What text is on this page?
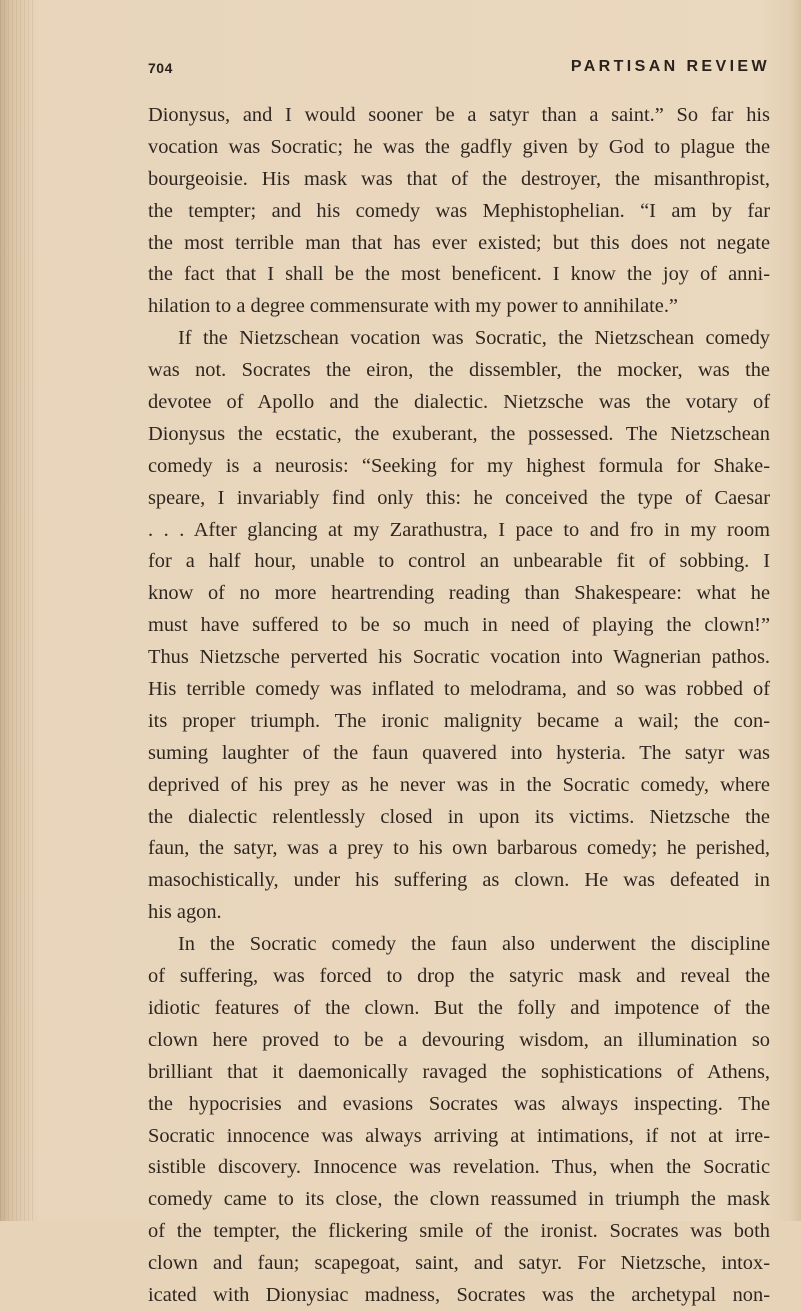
704	PARTISAN REVIEW
Dionysus, and I would sooner be a satyr than a saint.” So far his
vocation was Socratic; he was the gadfly given by God to plague the
bourgeoisie. His mask was that of the destroyer, the misanthropist,
the tempter; and his comedy was Mephistophelian. “I am by far
the most terrible man that has ever existed; but this does not negate
the fact that I shall be the most beneficent. I know the joy of anni-
hilation to a degree commensurate with my power to annihilate.”
If the Nietzschean vocation was Socratic, the Nietzschean comedy
was not. Socrates the eiron, the dissembler, the mocker, was the
devotee of Apollo and the dialectic. Nietzsche was the votary of
Dionysus the ecstatic, the exuberant, the possessed. The Nietzschean
comedy is a neurosis: “Seeking for my highest formula for Shake-
speare, I invariably find only this: he conceived the type of Caesar
. . . After glancing at my Zarathustra, I pace to and fro in my room
for a half hour, unable to control an unbearable fit of sobbing. I
know of no more heartrending reading than Shakespeare: what he
must have suffered to be so much in need of playing the clown!”
Thus Nietzsche perverted his Socratic vocation into Wagnerian pathos.
His terrible comedy was inflated to melodrama, and so was robbed of
its proper triumph. The ironic malignity became a wail; the con-
suming laughter of the faun quavered into hysteria. The satyr was
deprived of his prey as he never was in the Socratic comedy, where
the dialectic relentlessly closed in upon its victims. Nietzsche the
faun, the satyr, was a prey to his own barbarous comedy; he perished,
masochistically, under his suffering as clown. He was defeated in
his agon.
In the Socratic comedy the faun also underwent the discipline
of suffering, was forced to drop the satyric mask and reveal the
idiotic features of the clown. But the folly and impotence of the
clown here proved to be a devouring wisdom, an illumination so
brilliant that it daemonically ravaged the sophistications of Athens,
the hypocrisies and evasions Socrates was always inspecting. The
Socratic innocence was always arriving at intimations, if not at irre-
sistible discovery. Innocence was revelation. Thus, when the Socratic
comedy came to its close, the clown reassumed in triumph the mask
of the tempter, the flickering smile of the ironist. Socrates was both
clown and faun; scapegoat, saint, and satyr. For Nietzsche, intox-
icated with Dionysiac madness, Socrates was the archetypal non-
